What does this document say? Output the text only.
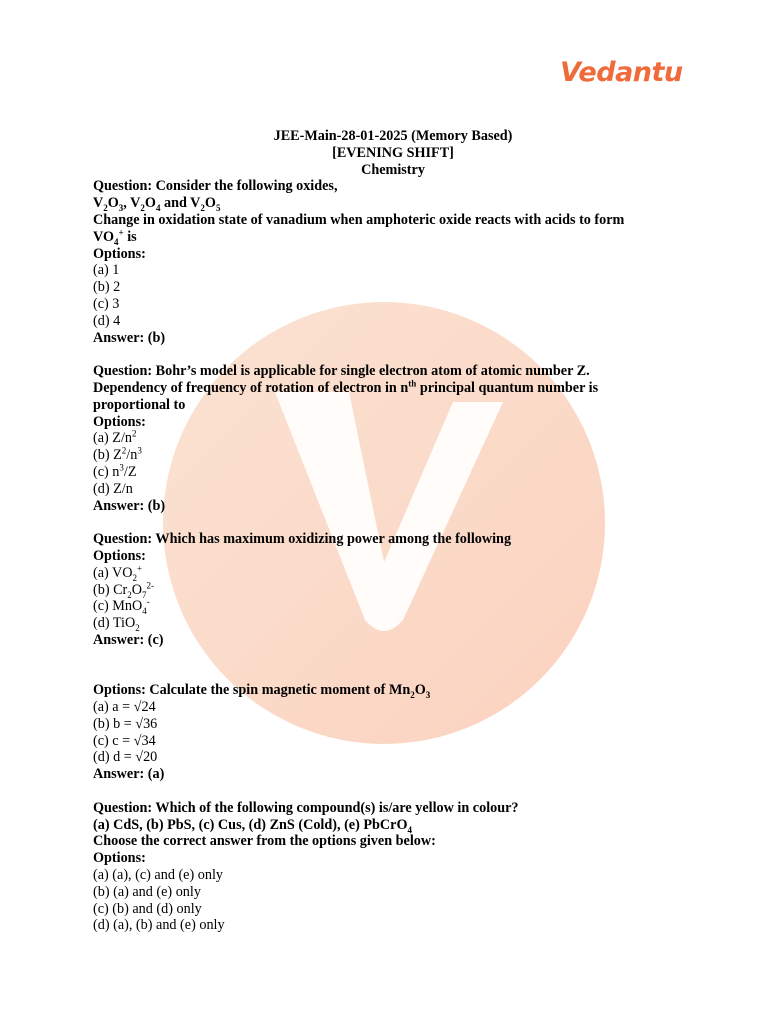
Vedantu
JEE-Main-28-01-2025 (Memory Based)
[EVENING SHIFT]
Chemistry
Question: Consider the following oxides,
$V_2O_3$, $V_2O_4$ and $V_2O_5$
Change in oxidation state of vanadium when amphoteric oxide reacts with acids to form
$VO_4^+$ is
Options:
(a) 1
(b) 2
(c) 3
(d) 4
Answer: (b)
Question: Bohr’s model is applicable for single electron atom of atomic number Z.
Dependency of frequency of rotation of electron in $n^{th}$ principal quantum number is
proportional to
Options:
(a) $Z/n^2$
(b) $Z^2/n^3$
(c) $n^3/Z$
(d) Z/n
Answer: (b)
Question: Which has maximum oxidizing power among the following
Options:
(a) $VO_2^+$
(b) $Cr_2O_7^{2-}$
(c) MnO$_4$-
(d) TiO$_2$
Answer: (c)
Options: Calculate the spin magnetic moment of $Mn_2O_3$
(a) a = √24
(b) b = √36
(c) c = √34
(d) d = √20
Answer: (a)
Question: Which of the following compound(s) is/are yellow in colour?
(a) CdS, (b) PbS, (c) Cus, (d) ZnS (Cold), (e) PbCrO$_4$
Choose the correct answer from the options given below:
Options:
(a) (a), (c) and (e) only
(b) (a) and (e) only
(c) (b) and (d) only
(d) (a), (b) and (e) only
